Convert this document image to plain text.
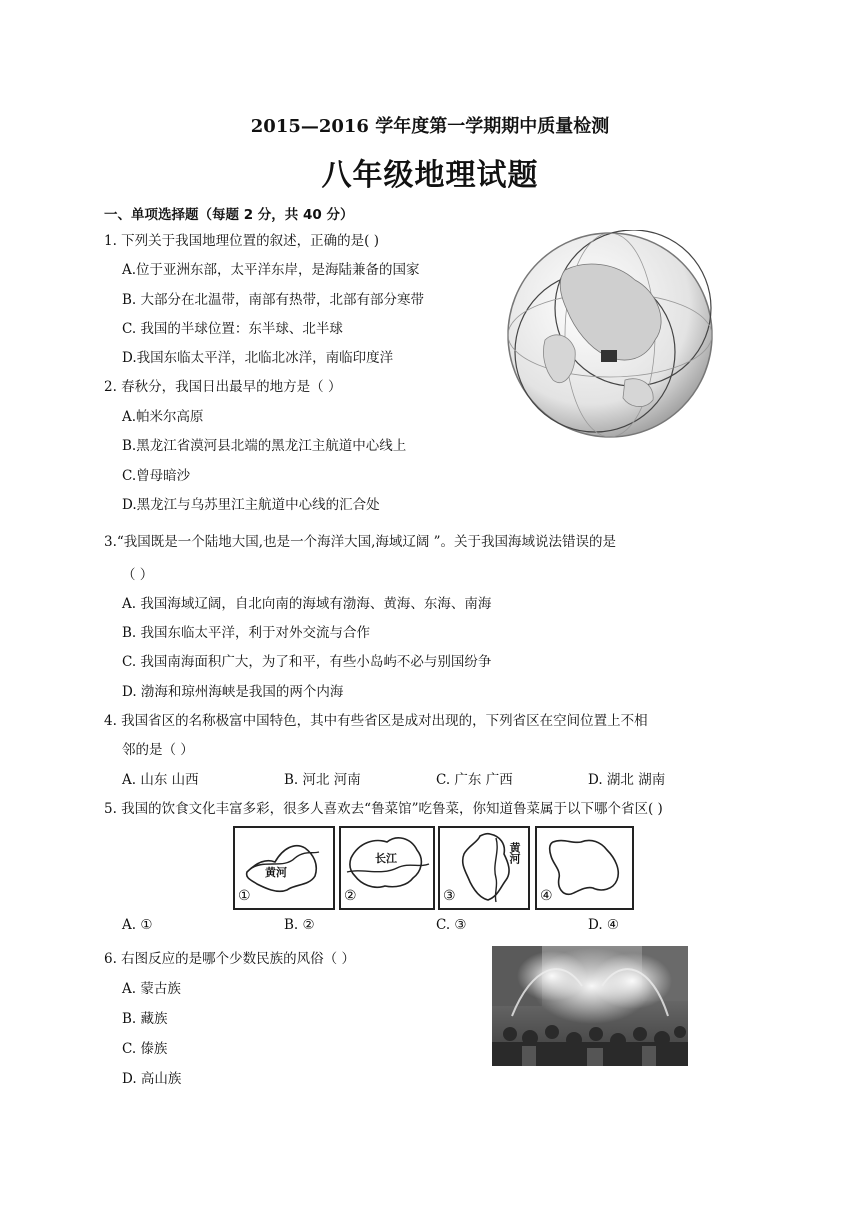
2015—2016 学年度第一学期期中质量检测
八年级地理试题
一、单项选择题（每题 2 分，共 40 分）
1. 下列关于我国地理位置的叙述，正确的是( )
A.位于亚洲东部，太平洋东岸，是海陆兼备的国家
B. 大部分在北温带，南部有热带，北部有部分寒带
C. 我国的半球位置：东半球、北半球
D.我国东临太平洋，北临北冰洋，南临印度洋
2. 春秋分，我国日出最早的地方是（ ）
A.帕米尔高原
B.黑龙江省漠河县北端的黑龙江主航道中心线上
C.曾母暗沙
D.黑龙江与乌苏里江主航道中心线的汇合处
3.“我国既是一个陆地大国,也是一个海洋大国,海域辽阔 ”。关于我国海域说法错误的是
（ ）
A. 我国海域辽阔，自北向南的海域有渤海、黄海、东海、南海
B. 我国东临太平洋，利于对外交流与合作
C. 我国南海面积广大，为了和平，有些小岛屿不必与别国纷争
D. 渤海和琼州海峡是我国的两个内海
4. 我国省区的名称极富中国特色，其中有些省区是成对出现的，下列省区在空间位置上不相
邻的是（ ）
A. 山东 山西	B. 河北 河南	C. 广东 广西	D. 湖北 湖南
5. 我国的饮食文化丰富多彩，很多人喜欢去“鲁菜馆”吃鲁菜，你知道鲁菜属于以下哪个省区( )
黄河
①
长江
②
黄河
③	④
A. ①	B. ②	C. ③	D. ④
6. 右图反应的是哪个少数民族的风俗（ ）
A. 蒙古族
B. 藏族
C. 傣族
D. 高山族
